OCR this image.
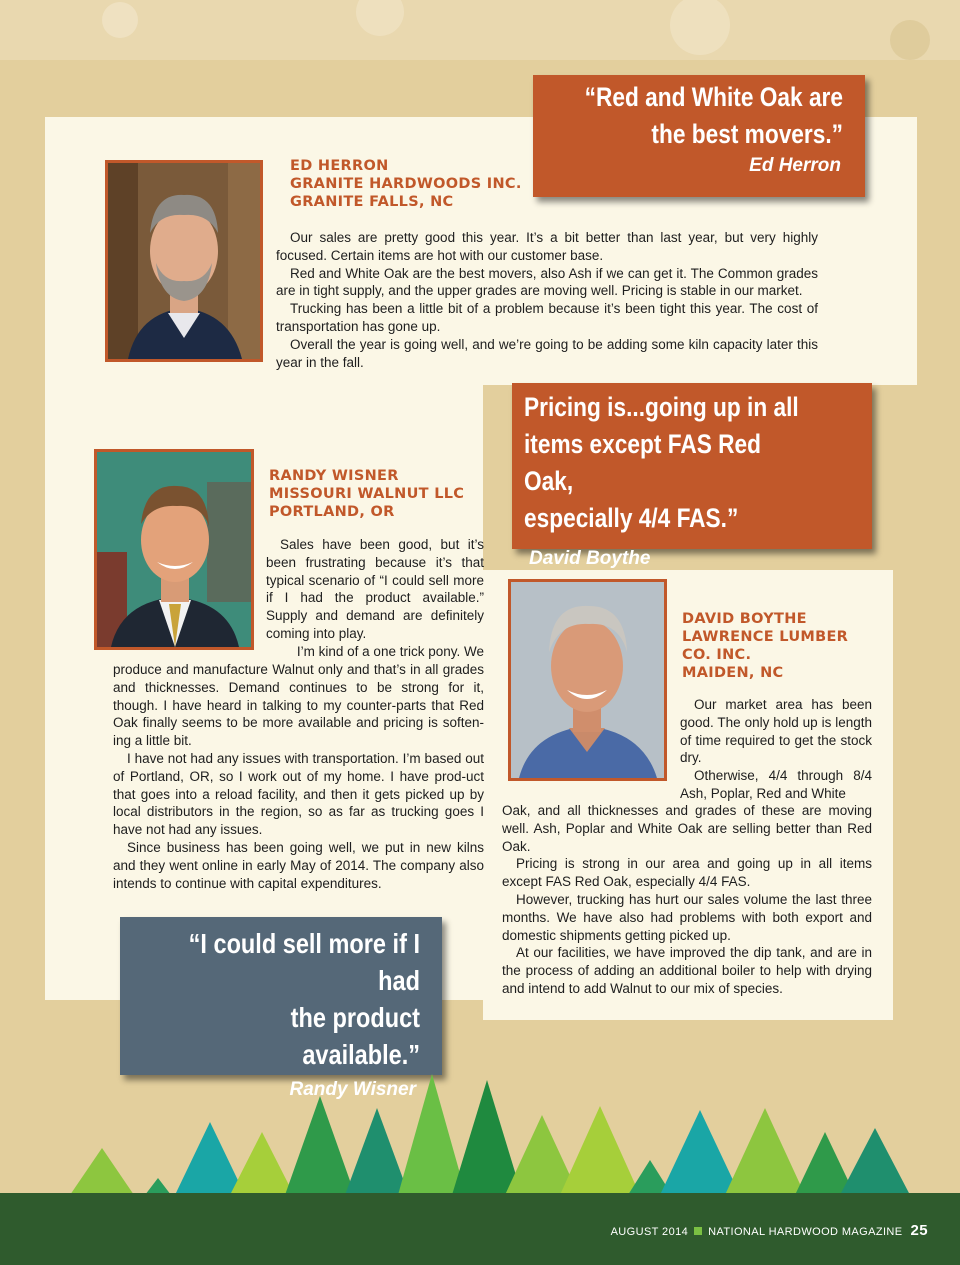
ED HERRON
GRANITE HARDWOODS INC.
GRANITE FALLS, NC

Our sales are pretty good this year. It’s a bit better than last year, but very highly focused. Certain items are hot with our customer base.

Red and White Oak are the best movers, also Ash if we can get it. The Common grades are in tight supply, and the upper grades are moving well. Pricing is stable in our market.

Trucking has been a little bit of a problem because it’s been tight this year. The cost of transportation has gone up.

Overall the year is going well, and we’re going to be adding some kiln capacity later this year in the fall.

“Red and White Oak are
the best movers.”
Ed Herron
Pricing is...going up in all
items except FAS Red Oak,
especially 4/4 FAS.”
David Boythe
RANDY WISNER
MISSOURI WALNUT LLC
PORTLAND, OR

Sales have been good, but it’s been frustrating because it’s that typical scenario of “I could sell more if I had the product available.” Supply and demand are definitely coming into play.

I’m kind of a one trick pony. We

produce and manufacture Walnut only and that’s in all grades and thicknesses. Demand continues to be strong for it, though. I have heard in talking to my counter-parts that Red Oak finally seems to be more available and pricing is soften-ing a little bit.

I have not had any issues with transportation. I’m based out of Portland, OR, so I work out of my home. I have prod-uct that goes into a reload facility, and then it gets picked up by local distributors in the region, so as far as trucking goes I have not had any issues.

Since business has been going well, we put in new kilns and they went online in early May of 2014. The company also intends to continue with capital expenditures.

“I could sell more if I had
the product available.”
Randy Wisner
DAVID BOYTHE
LAWRENCE LUMBER
CO. INC.
MAIDEN, NC

Our market area has been good. The only hold up is length of time required to get the stock dry.

Otherwise, 4/4 through 8/4 Ash, Poplar, Red and White

Oak, and all thicknesses and grades of these are moving well. Ash, Poplar and White Oak are selling better than Red Oak.

Pricing is strong in our area and going up in all items except FAS Red Oak, especially 4/4 FAS.

However, trucking has hurt our sales volume the last three months. We have also had problems with both export and domestic shipments getting picked up.

At our facilities, we have improved the dip tank, and are in the process of adding an additional boiler to help with drying and intend to add Walnut to our mix of species.

AUGUST 2014 NATIONAL HARDWOOD MAGAZINE 25
